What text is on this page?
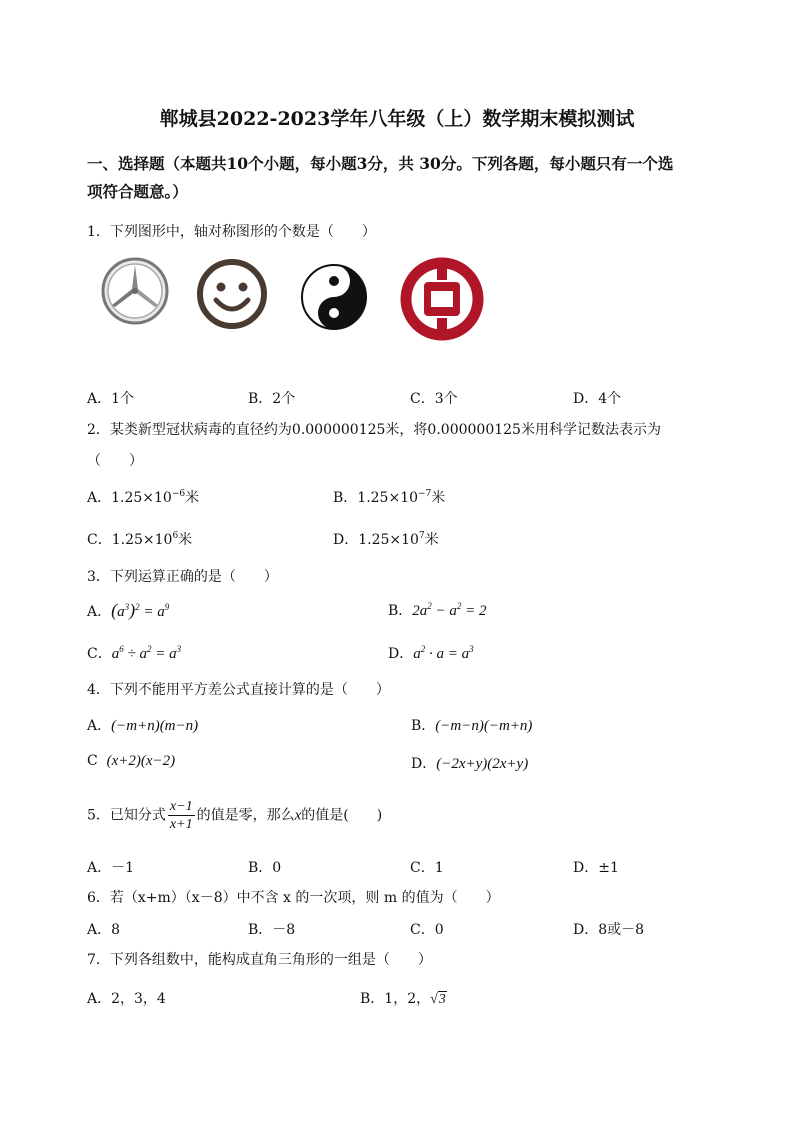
郸城县2022-2023学年八年级（上）数学期末模拟测试
一、选择题（本题共10个小题，每小题3分，共 30分。下列各题，每小题只有一个选
项符合题意。）
1．下列图形中，轴对称图形的个数是（　　）
A．1个	B．2个	C．3个	D．4个
2．某类新型冠状病毒的直径约为0.000000125米，将0.000000125米用科学记数法表示为
（　　）
A．$1.25\times 10^{-6}$米	B．$1.25\times 10^{-7}$米
C．$1.25\times 10^6$米	D．$1.25\times 10^7$米
3．下列运算正确的是（　　）
A．$(a^3)^2 = a^9$	B．$2a^2 - a^2 = 2$
C．$a^6 \div a^2 = a^3$	D．$a^2 \cdot a = a^3$
4．下列不能用平方差公式直接计算的是（　　）
A．(−m+n)(m−n)	B．(−m−n)(−m+n)
C (x+2)(x−2)	D．(−2x+y)(2x+y)
5．已知分式 $\frac{x-1}{x+1}$ 的值是零，那么x的值是(　　)
A．－1	B．0	C．1	D．±1
6．若（x+m）（x－8）中不含 x 的一次项，则 m 的值为（　　）
A．8	B．－8	C．0	D．8或－8
7．下列各组数中，能构成直角三角形的一组是（　　）
A．2，3，4	B．1，2，√3
